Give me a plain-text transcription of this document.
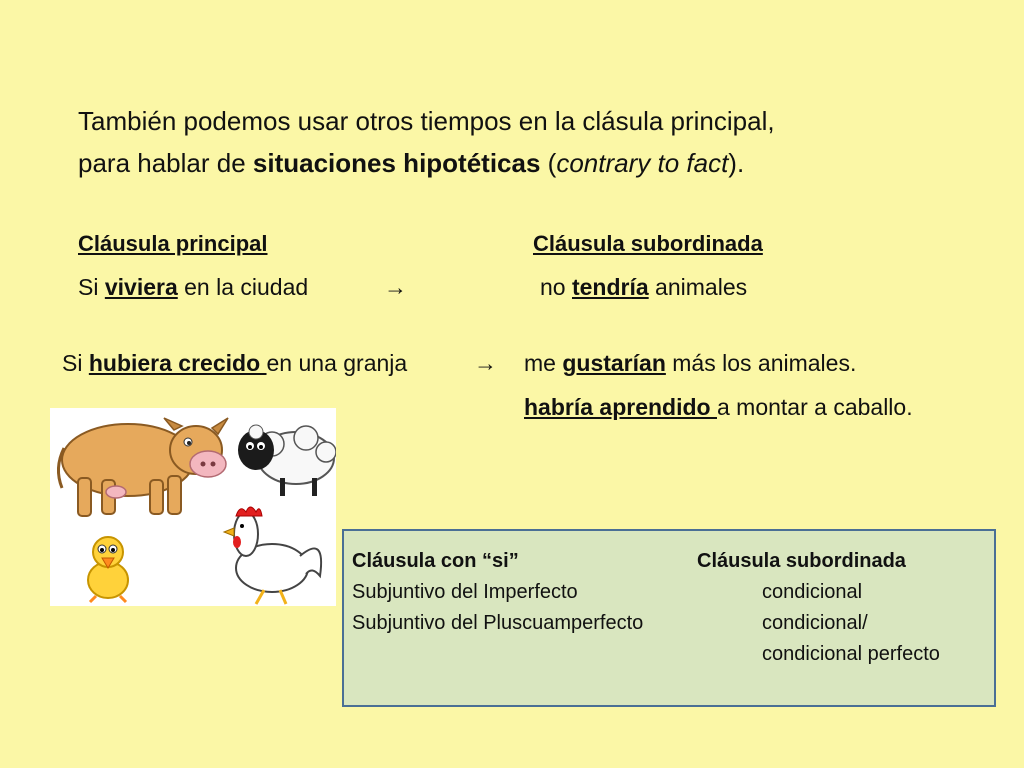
También podemos usar otros tiempos en la clásula principal,
para hablar de situaciones hipotéticas (contrary to fact).
Cláusula principal	Cláusula subordinada
Si viviera en la ciudad	→	no tendría animales
Si hubiera crecido en una granja	→ me gustarían más los animales.
habría aprendido a montar a caballo.
Cláusula con “si”	Cláusula subordinada
Subjuntivo del Imperfecto	condicional
Subjuntivo del Pluscuamperfecto	condicional/
condicional perfecto
